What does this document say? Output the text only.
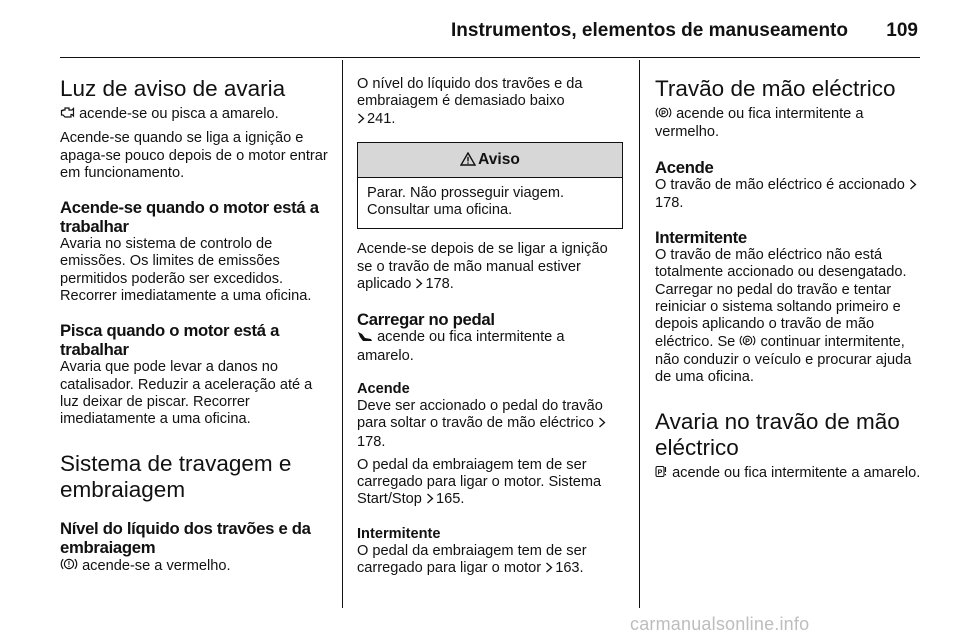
Instrumentos, elementos de manuseamento 109
Luz de aviso de avaria
acende-se ou pisca a amarelo.
Acende-se quando se liga a ignição e apaga-se pouco depois de o motor entrar em funcionamento.
Acende-se quando o motor está a trabalhar
Avaria no sistema de controlo de emissões. Os limites de emissões permitidos poderão ser excedidos. Recorrer imediatamente a uma oficina.
Pisca quando o motor está a trabalhar
Avaria que pode levar a danos no catalisador. Reduzir a aceleração até a luz deixar de piscar. Recorrer imediatamente a uma oficina.
Sistema de travagem e embraiagem
Nível do líquido dos travões e da embraiagem
! acende-se a vermelho.
O nível do líquido dos travões e da embraiagem é demasiado baixo
241.
Aviso
Parar. Não prosseguir viagem. Consultar uma oficina.
Acende-se depois de se ligar a ignição se o travão de mão manual estiver aplicado 178.
Carregar no pedal
acende ou fica intermitente a amarelo.
Acende
Deve ser accionado o pedal do travão para soltar o travão de mão eléctrico 178.
O pedal da embraiagem tem de ser carregado para ligar o motor. Sistema Start/Stop 165.
Intermitente
O pedal da embraiagem tem de ser carregado para ligar o motor 163.
Travão de mão eléctrico
P acende ou fica intermitente a vermelho.
Acende
O travão de mão eléctrico é accionado 178.
Intermitente
O travão de mão eléctrico não está totalmente accionado ou desengatado. Carregar no pedal do travão e tentar reiniciar o sistema soltando primeiro e depois aplicando o travão de mão eléctrico. Se P continuar intermitente, não conduzir o veículo e procurar ajuda de uma oficina.
Avaria no travão de mão eléctrico
P acende ou fica intermitente a amarelo.
carmanualsonline.info
